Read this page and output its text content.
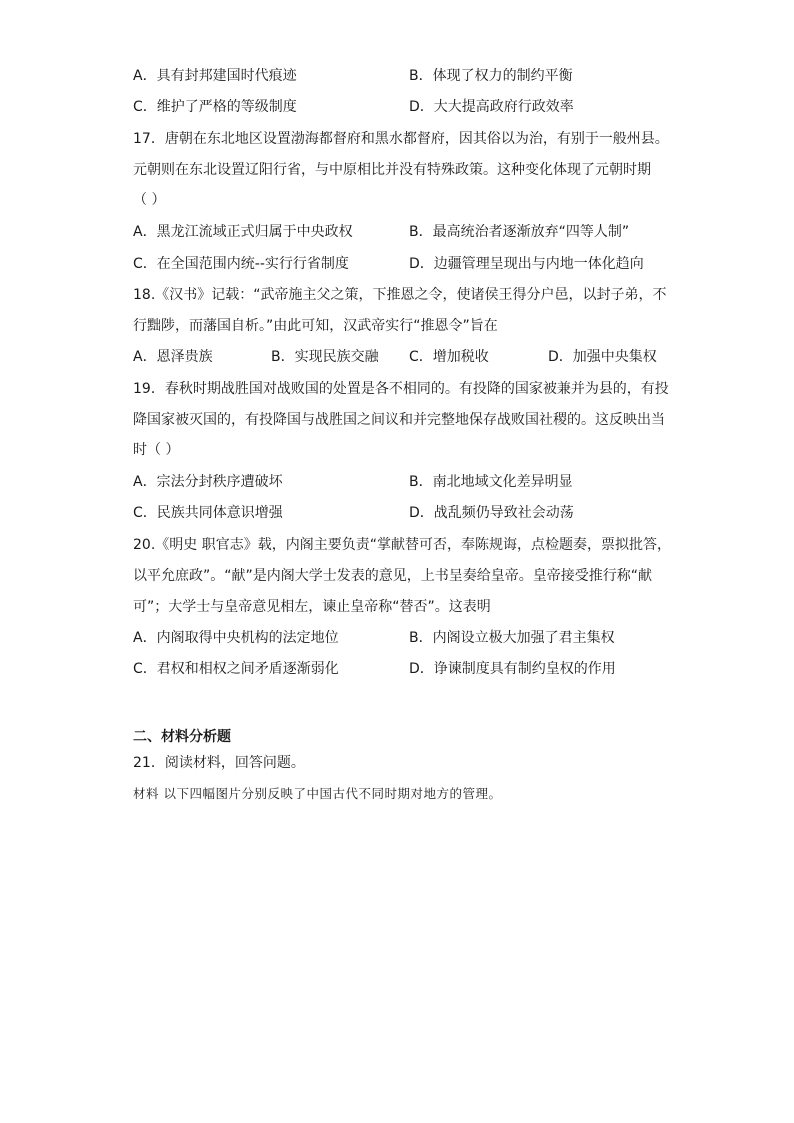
A．具有封邦建国时代痕迹	B．体现了权力的制约平衡
C．维护了严格的等级制度	D．大大提高政府行政效率
17．唐朝在东北地区设置渤海都督府和黑水都督府，因其俗以为治，有别于一般州县。
元朝则在东北设置辽阳行省，与中原相比并没有特殊政策。这种变化体现了元朝时期
（ ）
A．黑龙江流域正式归属于中央政权	B．最高统治者逐渐放弃“四等人制”
C．在全国范围内统--实行行省制度	D．边疆管理呈现出与内地一体化趋向
18.《汉书》记载：“武帝施主父之策，下推恩之令，使诸侯王得分户邑，以封子弟，不
行黜陟，而藩国自析。”由此可知，汉武帝实行“推恩令”旨在
A．恩泽贵族	B．实现民族交融 C．增加税收	D．加强中央集权
19．春秋时期战胜国对战败国的处置是各不相同的。有投降的国家被兼并为县的，有投
降国家被灭国的，有投降国与战胜国之间议和并完整地保存战败国社稷的。这反映出当
时（ ）
A．宗法分封秩序遭破坏	B．南北地域文化差异明显
C．民族共同体意识增强	D．战乱频仍导致社会动荡
20.《明史 职官志》载，内阁主要负责“掌献替可否，奉陈规诲，点检题奏，票拟批答，
以平允庶政”。“献”是内阁大学士发表的意见，上书呈奏给皇帝。皇帝接受推行称“献
可”；大学士与皇帝意见相左，谏止皇帝称“替否”。这表明
A．内阁取得中央机构的法定地位	B．内阁设立极大加强了君主集权
C．君权和相权之间矛盾逐渐弱化	D．诤谏制度具有制约皇权的作用
二、材料分析题
21．阅读材料，回答问题。
材料 以下四幅图片分别反映了中国古代不同时期对地方的管理。
